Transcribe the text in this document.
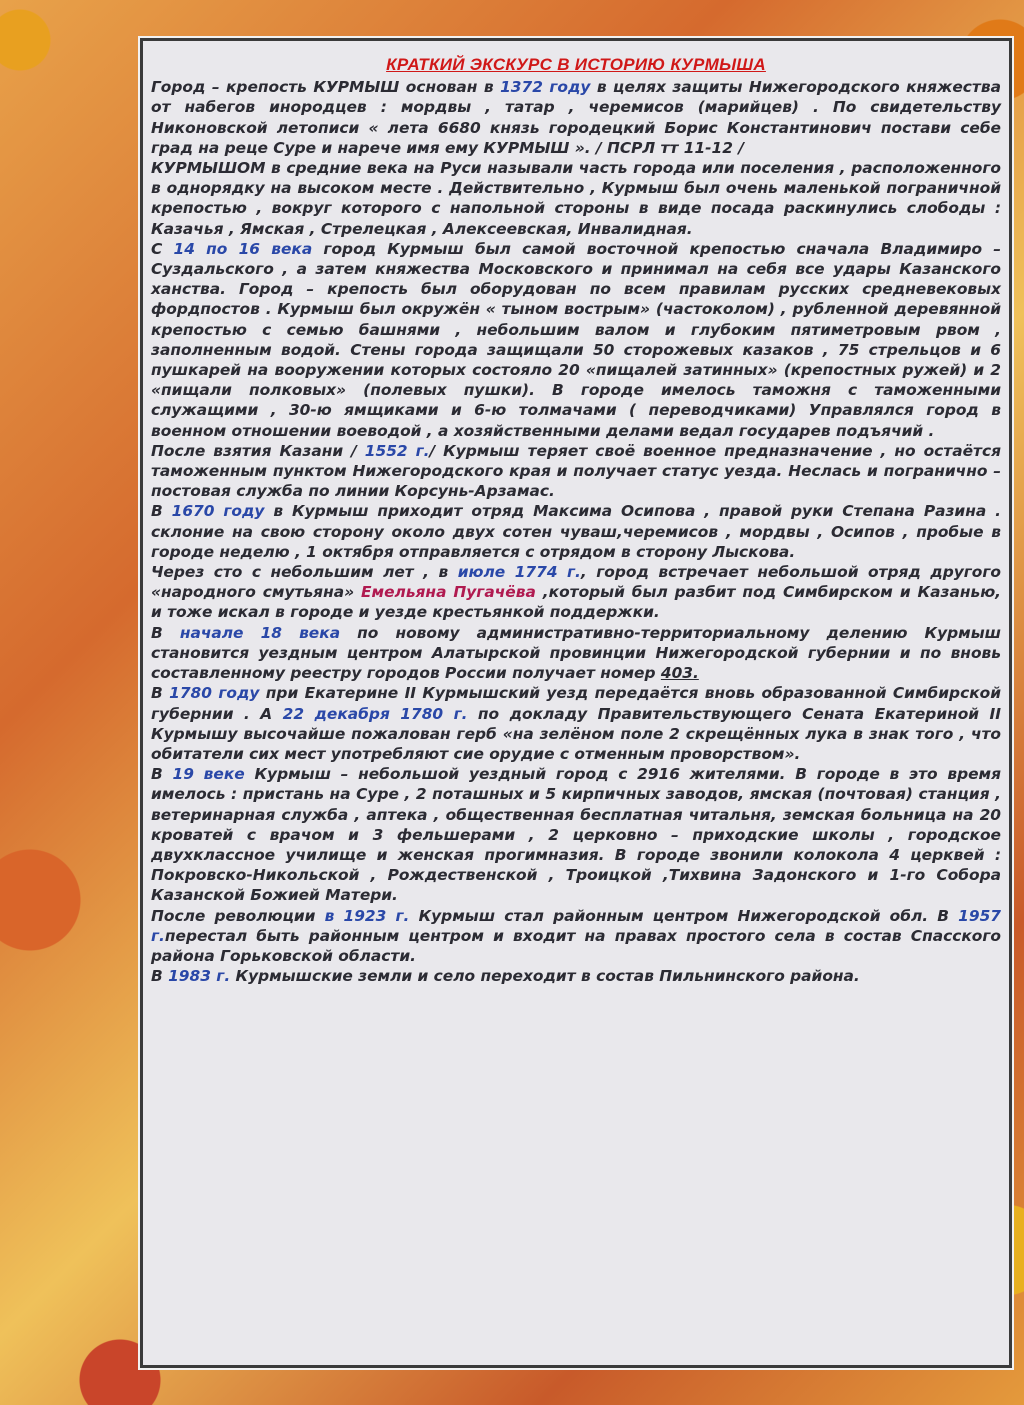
КРАТКИЙ ЭКСКУРС В ИСТОРИЮ КУРМЫША

Город – крепость КУРМЫШ основан в 1372 году в целях защиты Нижегородского княжества от набегов инородцев : мордвы , татар , черемисов (марийцев) . По свидетельству Никоновской летописи « лета 6680 князь городецкий Борис Константинович постави себе град на реце Суре и нарече имя ему КУРМЫШ ». / ПСРЛ тт 11-12 /

КУРМЫШОМ в средние века на Руси называли часть города или поселения , расположенного в однорядку на высоком месте . Действительно , Курмыш был очень маленькой пограничной крепостью , вокруг которого с напольной стороны в виде посада раскинулись слободы : Казачья , Ямская , Стрелецкая , Алексеевская, Инвалидная.

С 14 по 16 века город Курмыш был самой восточной крепостью сначала Владимиро – Суздальского , а затем княжества Московского и принимал на себя все удары Казанского ханства. Город – крепость был оборудован по всем правилам русских средневековых фордпостов . Курмыш был окружён « тыном вострым» (частоколом) , рубленной деревянной крепостью с семью башнями , небольшим валом и глубоким пятиметровым рвом , заполненным водой. Стены города защищали 50 сторожевых казаков , 75 стрельцов и 6 пушкарей на вооружении которых состояло 20 «пищалей затинных» (крепостных ружей) и 2 «пищали полковых» (полевых пушки). В городе имелось таможня с таможенными служащими , 30-ю ямщиками и 6-ю толмачами ( переводчиками) Управлялся город в военном отношении воеводой , а хозяйственными делами ведал государев подъячий .

После взятия Казани / 1552 г./ Курмыш теряет своё военное предназначение , но остаётся таможенным пунктом Нижегородского края и получает статус уезда. Неслась и погранично – постовая служба по линии Корсунь-Арзамас.

В 1670 году в Курмыш приходит отряд Максима Осипова , правой руки Степана Разина . склоние на свою сторону около двух сотен чуваш,черемисов , мордвы , Осипов , пробые в городе неделю , 1 октября отправляется с отрядом в сторону Лыскова.

Через сто с небольшим лет , в июле 1774 г., город встречает небольшой отряд другого «народного смутьяна» Емельяна Пугачёва ,который был разбит под Симбирском и Казанью, и тоже искал в городе и уезде крестьянкой поддержки.

В начале 18 века по новому административно-территориальному делению Курмыш становится уездным центром Алатырской провинции Нижегородской губернии и по вновь составленному реестру городов России получает номер 403.

В 1780 году при Екатерине II Курмышский уезд передаётся вновь образованной Симбирской губернии . А 22 декабря 1780 г. по докладу Правительствующего Сената Екатериной II Курмышу высочайше пожалован герб «на зелёном поле 2 скрещённых лука в знак того , что обитатели сих мест употребляют сие орудие с отменным проворством».

В 19 веке Курмыш – небольшой уездный город с 2916 жителями. В городе в это время имелось : пристань на Суре , 2 поташных и 5 кирпичных заводов, ямская (почтовая) станция , ветеринарная служба , аптека , общественная бесплатная читальня, земская больница на 20 кроватей с врачом и 3 фельшерами , 2 церковно – приходские школы , городское двухклассное училище и женская прогимназия. В городе звонили колокола 4 церквей : Покровско-Никольской , Рождественской , Троицкой ,Тихвина Задонского и 1-го Собора Казанской Божией Матери.

После революции в 1923 г. Курмыш стал районным центром Нижегородской обл. В 1957 г.перестал быть районным центром и входит на правах простого села в состав Спасского района Горьковской области.

В 1983 г. Курмышские земли и село переходит в состав Пильнинского района.
